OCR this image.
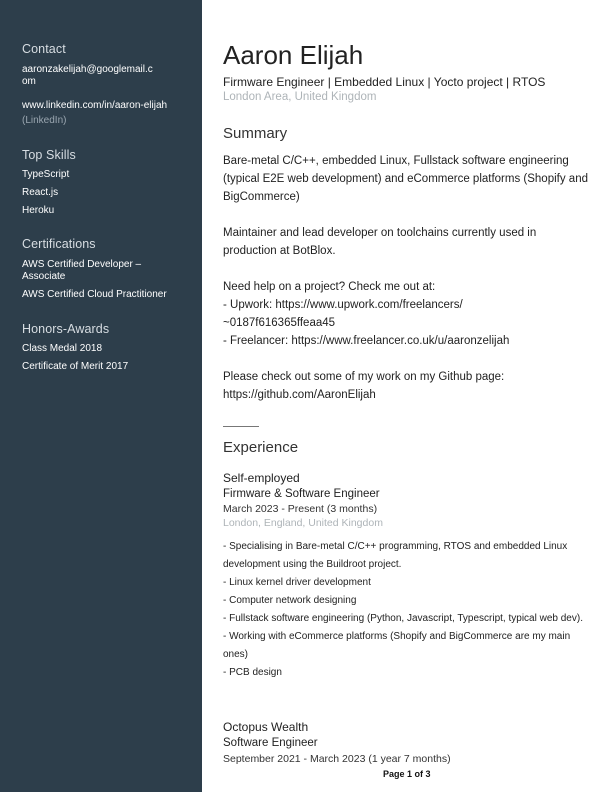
Contact
aaronzakelijah@googlemail.c
om
www.linkedin.com/in/aaron-elijah
(LinkedIn)
Top Skills
TypeScript
React.js
Heroku
Certifications
AWS Certified Developer –
Associate
AWS Certified Cloud Practitioner
Honors-Awards
Class Medal 2018
Certificate of Merit 2017
Aaron Elijah
Firmware Engineer | Embedded Linux | Yocto project | RTOS
London Area, United Kingdom
Summary
Bare-metal C/C++, embedded Linux, Fullstack software engineering (typical E2E web development) and eCommerce platforms (Shopify and BigCommerce)
Maintainer and lead developer on toolchains currently used in production at BotBlox.
Need help on a project? Check me out at:
- Upwork: https://www.upwork.com/freelancers/
~0187f616365ffeaa45
- Freelancer: https://www.freelancer.co.uk/u/aaronzelijah
Please check out some of my work on my Github page: https://github.com/AaronElijah
Experience
Self-employed
Firmware & Software Engineer
March 2023 - Present (3 months)
London, England, United Kingdom
- Specialising in Bare-metal C/C++ programming, RTOS and embedded Linux development using the Buildroot project.
- Linux kernel driver development
- Computer network designing
- Fullstack software engineering (Python, Javascript, Typescript, typical web dev).
- Working with eCommerce platforms (Shopify and BigCommerce are my main ones)
- PCB design
Octopus Wealth
Software Engineer
September 2021 - March 2023 (1 year 7 months)
Page 1 of 3
